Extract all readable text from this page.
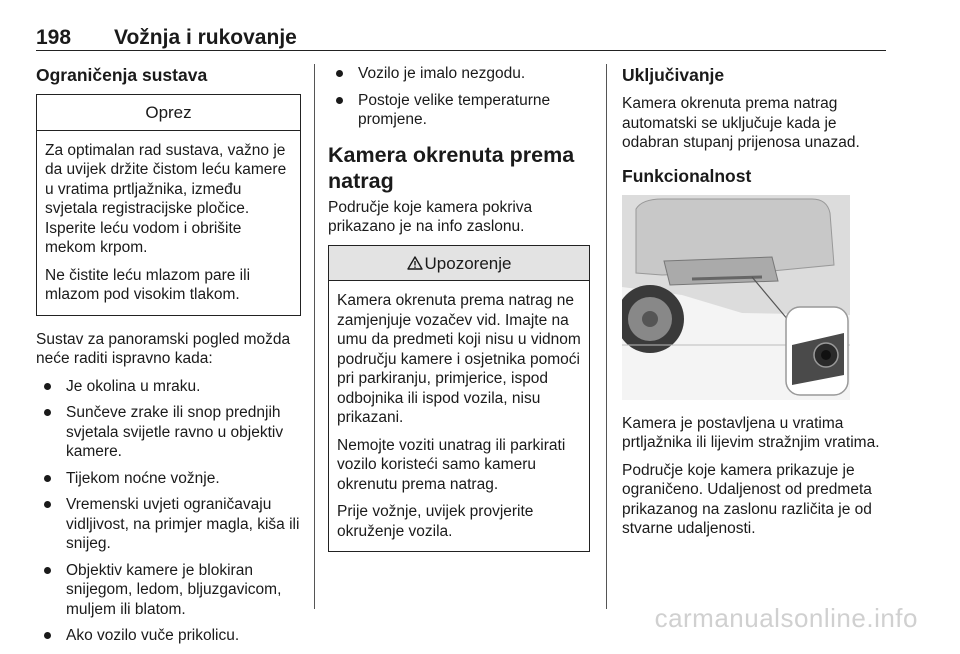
198 Vožnja i rukovanje
Ograničenja sustava
Oprez

Za optimalan rad sustava, važno je da uvijek držite čistom leću kamere u vratima prtljažnika, između svjetala registracijske pločice. Isperite leću vodom i obrišite mekom krpom.

Ne čistite leću mlazom pare ili mlazom pod visokim tlakom.

Sustav za panoramski pogled možda neće raditi ispravno kada:

Je okolina u mraku.
Sunčeve zrake ili snop prednjih svjetala svijetle ravno u objektiv kamere.
Tijekom noćne vožnje.
Vremenski uvjeti ograničavaju vidljivost, na primjer magla, kiša ili snijeg.
Objektiv kamere je blokiran snijegom, ledom, bljuzgavicom, muljem ili blatom.
Ako vozilo vuče prikolicu.
Vozilo je imalo nezgodu.
Postoje velike temperaturne promjene.
Kamera okrenuta prema natrag

Područje koje kamera pokriva prikazano je na info zaslonu.

Upozorenje

Kamera okrenuta prema natrag ne zamjenjuje vozačev vid. Imajte na umu da predmeti koji nisu u vidnom području kamere i osjetnika pomoći pri parkiranju, primjerice, ispod odbojnika ili ispod vozila, nisu prikazani.

Nemojte voziti unatrag ili parkirati vozilo koristeći samo kameru okrenutu prema natrag.

Prije vožnje, uvijek provjerite okruženje vozila.

Uključivanje

Kamera okrenuta prema natrag automatski se uključuje kada je odabran stupanj prijenosa unazad.

Funkcionalnost

Kamera je postavljena u vratima prtljažnika ili lijevim stražnjim vratima.

Područje koje kamera prikazuje je ograničeno. Udaljenost od predmeta prikazanog na zaslonu različita je od stvarne udaljenosti.

carmanualsonline.info
